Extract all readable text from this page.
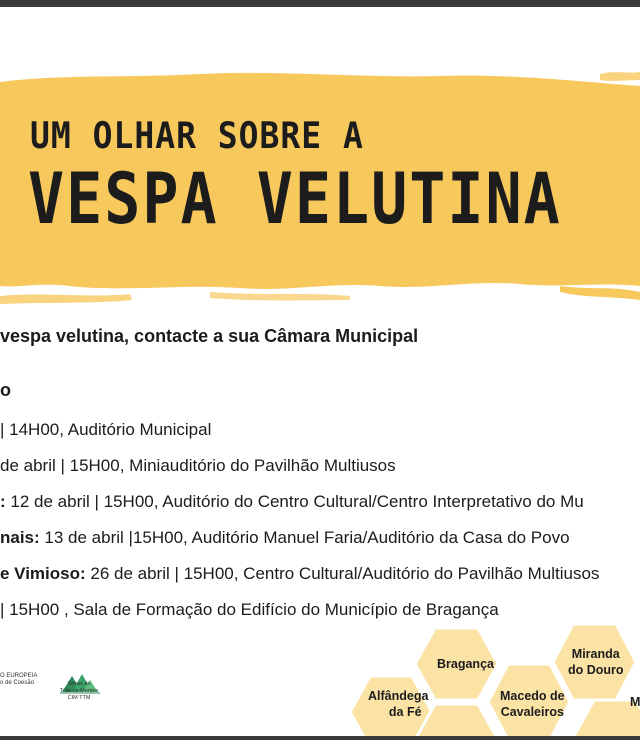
UM OLHAR SOBRE A
VESPA VELUTINA
vespa velutina, contacte a sua Câmara Municipal
o
| 14H00, Auditório Municipal
de abril | 15H00, Miniauditório do Pavilhão Multiusos
: 12 de abril | 15H00, Auditório do Centro Cultural/Centro Interpretativo do Mu
nais: 13 de abril |15H00, Auditório Manuel Faria/Auditório da Casa do Povo
e Vimioso: 26 de abril | 15H00, Centro Cultural/Auditório do Pavilhão Multiusos
| 15H00 , Sala de Formação do Edifício do Município de Bragança
O EUROPEIA
o de Coesão	Terras de
Trás-os-Montes
CIM TTM
Bragança
Miranda
do Douro
Alfândega
da Fé
Macedo de
Cavaleiros
M
